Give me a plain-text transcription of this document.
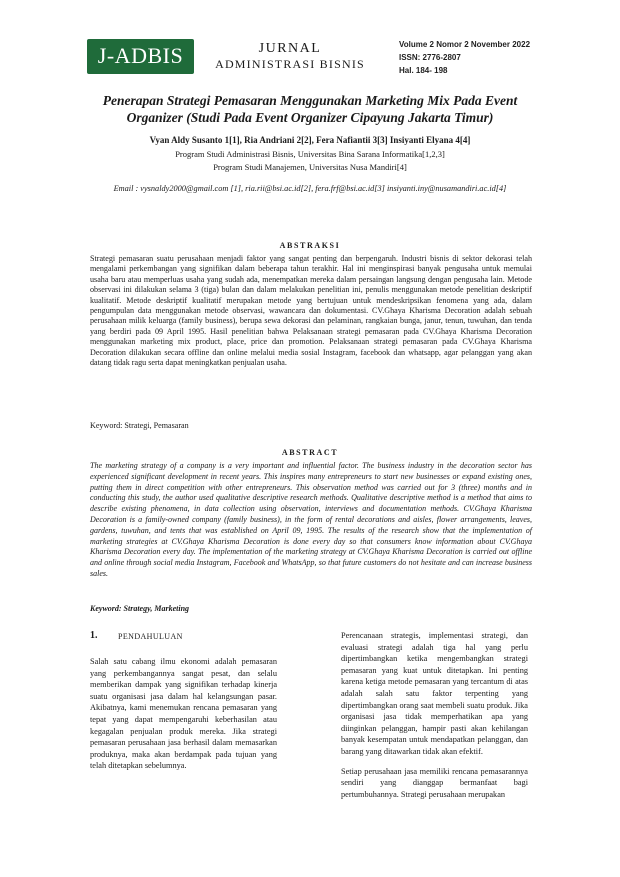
J-ADBIS	JURNAL
ADMINISTRASI BISNIS
Volume 2 Nomor 2 November 2022
ISSN: 2776-2807
Hal. 184- 198
Penerapan Strategi Pemasaran Menggunakan Marketing Mix Pada Event
Organizer (Studi Pada Event Organizer Cipayung Jakarta Timur)
Vyan Aldy Susanto 1[1], Ria Andriani 2[2], Fera Nafiantii 3[3] Insiyanti Elyana 4[4]
Program Studi Administrasi Bisnis, Universitas Bina Sarana Informatika[1,2,3]
Program Studi Manajemen, Universitas Nusa Mandiri[4]
Email : vysnaldy2000@gmail.com [1], ria.rii@bsi.ac.id[2], fera.frf@bsi.ac.id[3] insiyanti.iny@nusamandiri.ac.id[4]
ABSTRAKSI
Strategi pemasaran suatu perusahaan menjadi faktor yang sangat penting dan berpengaruh. Industri bisnis di sektor dekorasi telah mengalami perkembangan yang signifikan dalam beberapa tahun terakhir. Hal ini menginspirasi banyak pengusaha untuk memulai usaha baru atau memperluas usaha yang sudah ada, menempatkan mereka dalam persaingan langsung dengan pengusaha lain. Metode observasi ini dilakukan selama 3 (tiga) bulan dan dalam melakukan penelitian ini, penulis menggunakan metode penelitian deskriptif kualitatif. Metode deskriptif kualitatif merupakan metode yang bertujuan untuk mendeskripsikan fenomena yang ada, dalam pengumpulan data menggunakan metode observasi, wawancara dan dokumentasi. CV.Ghaya Kharisma Decoration adalah sebuah perusahaan milik keluarga (family business), berupa sewa dekorasi dan pelaminan, rangkaian bunga, janur, tenun, tuwuhan, dan tenda yang berdiri pada 09 April 1995. Hasil penelitian bahwa Pelaksanaan strategi pemasaran pada CV.Ghaya Kharisma Decoration menggunakan marketing mix product, place, price dan promotion. Pelaksanaan strategi pemasaran pada CV.Ghaya Kharisma Decoration dilakukan secara offline dan online melalui media sosial Instagram, facebook dan whatsapp, agar pelanggan yang akan datang tidak ragu serta dapat meningkatkan penjualan usaha.
Keyword: Strategi, Pemasaran
ABSTRACT
The marketing strategy of a company is a very important and influential factor. The business industry in the decoration sector has experienced significant development in recent years. This inspires many entrepreneurs to start new businesses or expand existing ones, putting them in direct competition with other entrepreneurs. This observation method was carried out for 3 (three) months and in conducting this study, the author used qualitative descriptive research methods. Qualitative descriptive method is a method that aims to describe existing phenomena, in data collection using observation, interviews and documentation methods. CV.Ghaya Kharisma Decoration is a family-owned company (family business), in the form of rental decorations and aisles, flower arrangements, leaves, gardens, tuwuhan, and tents that was established on April 09, 1995. The results of the research show that the implementation of marketing strategies at CV.Ghaya Kharisma Decoration is done every day so that consumers know information about CV.Ghaya Kharisma Decoration every day. The implementation of the marketing strategy at CV.Ghaya Kharisma Decoration is carried out offline and online through social media Instagram, Facebook and WhatsApp, so that future customers do not hesitate and can increase business sales.
Keyword: Strategy, Marketing
1.	PENDAHULUAN
Salah satu cabang ilmu ekonomi adalah pemasaran yang perkembangannya sangat pesat, dan selalu memberikan dampak yang signifikan terhadap kinerja suatu organisasi jasa dalam hal kelangsungan pasar. Akibatnya, kami menemukan rencana pemasaran yang tepat yang dapat mempengaruhi keberhasilan atau kegagalan penjualan produk mereka. Jika strategi pemasaran perusahaan jasa berhasil dalam memasarkan produknya, maka akan berdampak pada tujuan yang telah ditetapkan sebelumnya.
Perencanaan strategis, implementasi strategi, dan evaluasi strategi adalah tiga hal yang perlu dipertimbangkan ketika mengembangkan strategi pemasaran yang kuat untuk ditetapkan. Ini penting karena ketiga metode pemasaran yang tercantum di atas adalah salah satu faktor terpenting yang dipertimbangkan orang saat membeli suatu produk. Jika organisasi jasa tidak memperhatikan apa yang diinginkan pelanggan, hampir pasti akan kehilangan banyak kesempatan untuk mendapatkan pelanggan, dan barang yang ditawarkan tidak akan efektif.
Setiap perusahaan jasa memiliki rencana pemasarannya sendiri yang dianggap bermanfaat bagi pertumbuhannya. Strategi perusahaan merupakan
